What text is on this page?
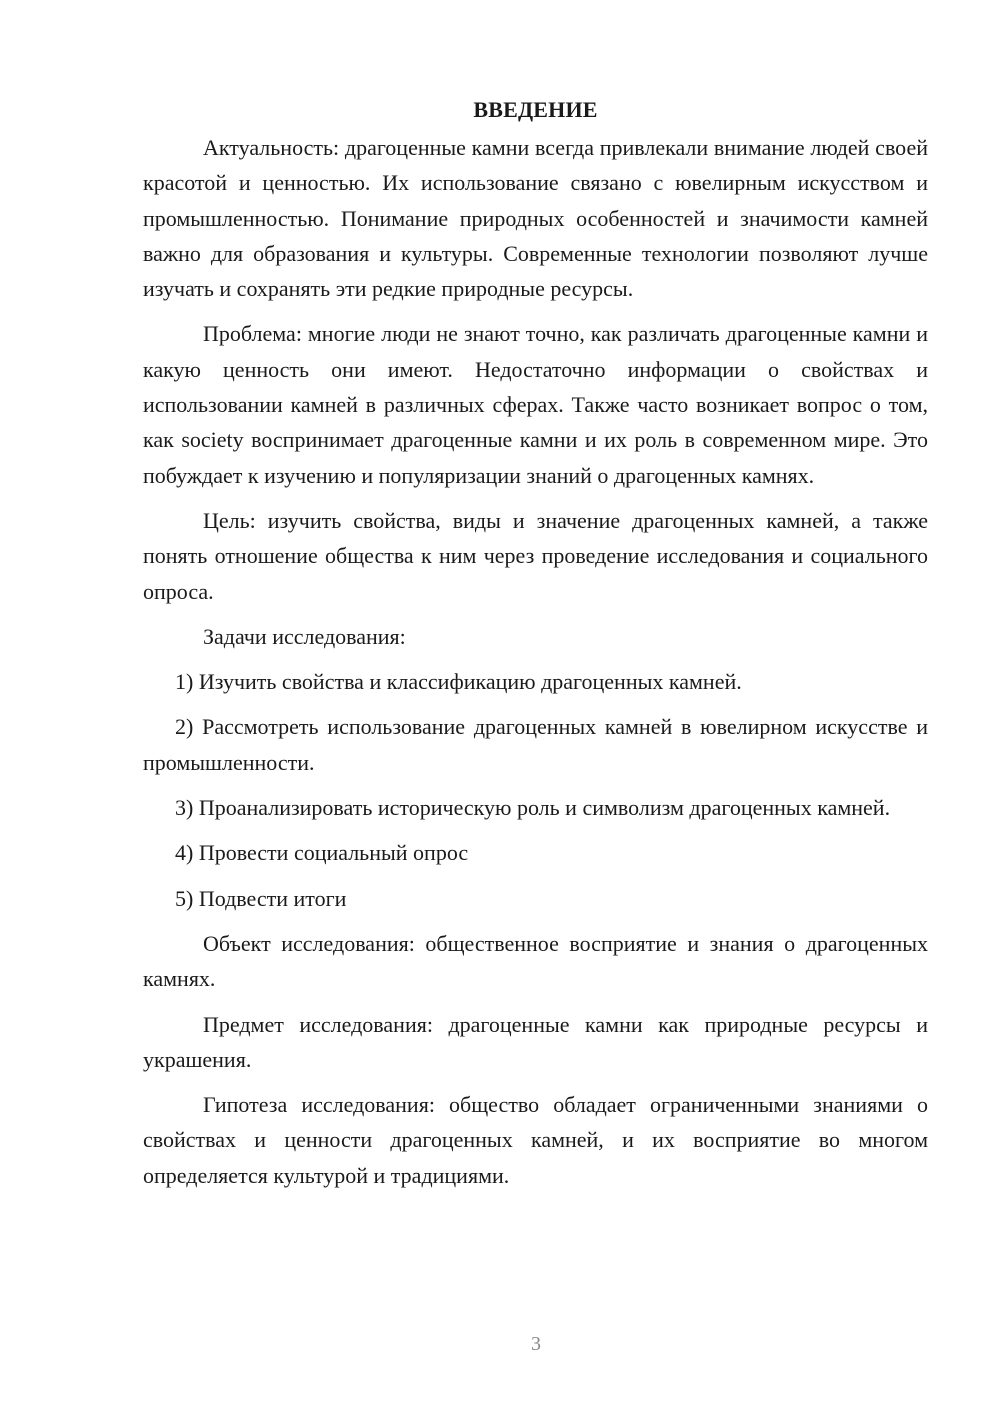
ВВЕДЕНИЕ

Актуальность: драгоценные камни всегда привлекали внимание людей своей красотой и ценностью. Их использование связано с ювелирным искусством и промышленностью. Понимание природных особенностей и значимости камней важно для образования и культуры. Современные технологии позволяют лучше изучать и сохранять эти редкие природные ресурсы.

Проблема: многие люди не знают точно, как различать драгоценные камни и какую ценность они имеют. Недостаточно информации о свойствах и использовании камней в различных сферах. Также часто возникает вопрос о том, как society воспринимает драгоценные камни и их роль в современном мире. Это побуждает к изучению и популяризации знаний о драгоценных камнях.

Цель: изучить свойства, виды и значение драгоценных камней, а также понять отношение общества к ним через проведение исследования и социального опроса.

Задачи исследования:

1) Изучить свойства и классификацию драгоценных камней.

2) Рассмотреть использование драгоценных камней в ювелирном искусстве и промышленности.

3) Проанализировать историческую роль и символизм драгоценных камней.

4) Провести социальный опрос

5) Подвести итоги

Объект исследования: общественное восприятие и знания о драгоценных камнях.

Предмет исследования: драгоценные камни как природные ресурсы и украшения.

Гипотеза исследования: общество обладает ограниченными знаниями о свойствах и ценности драгоценных камней, и их восприятие во многом определяется культурой и традициями.

3
